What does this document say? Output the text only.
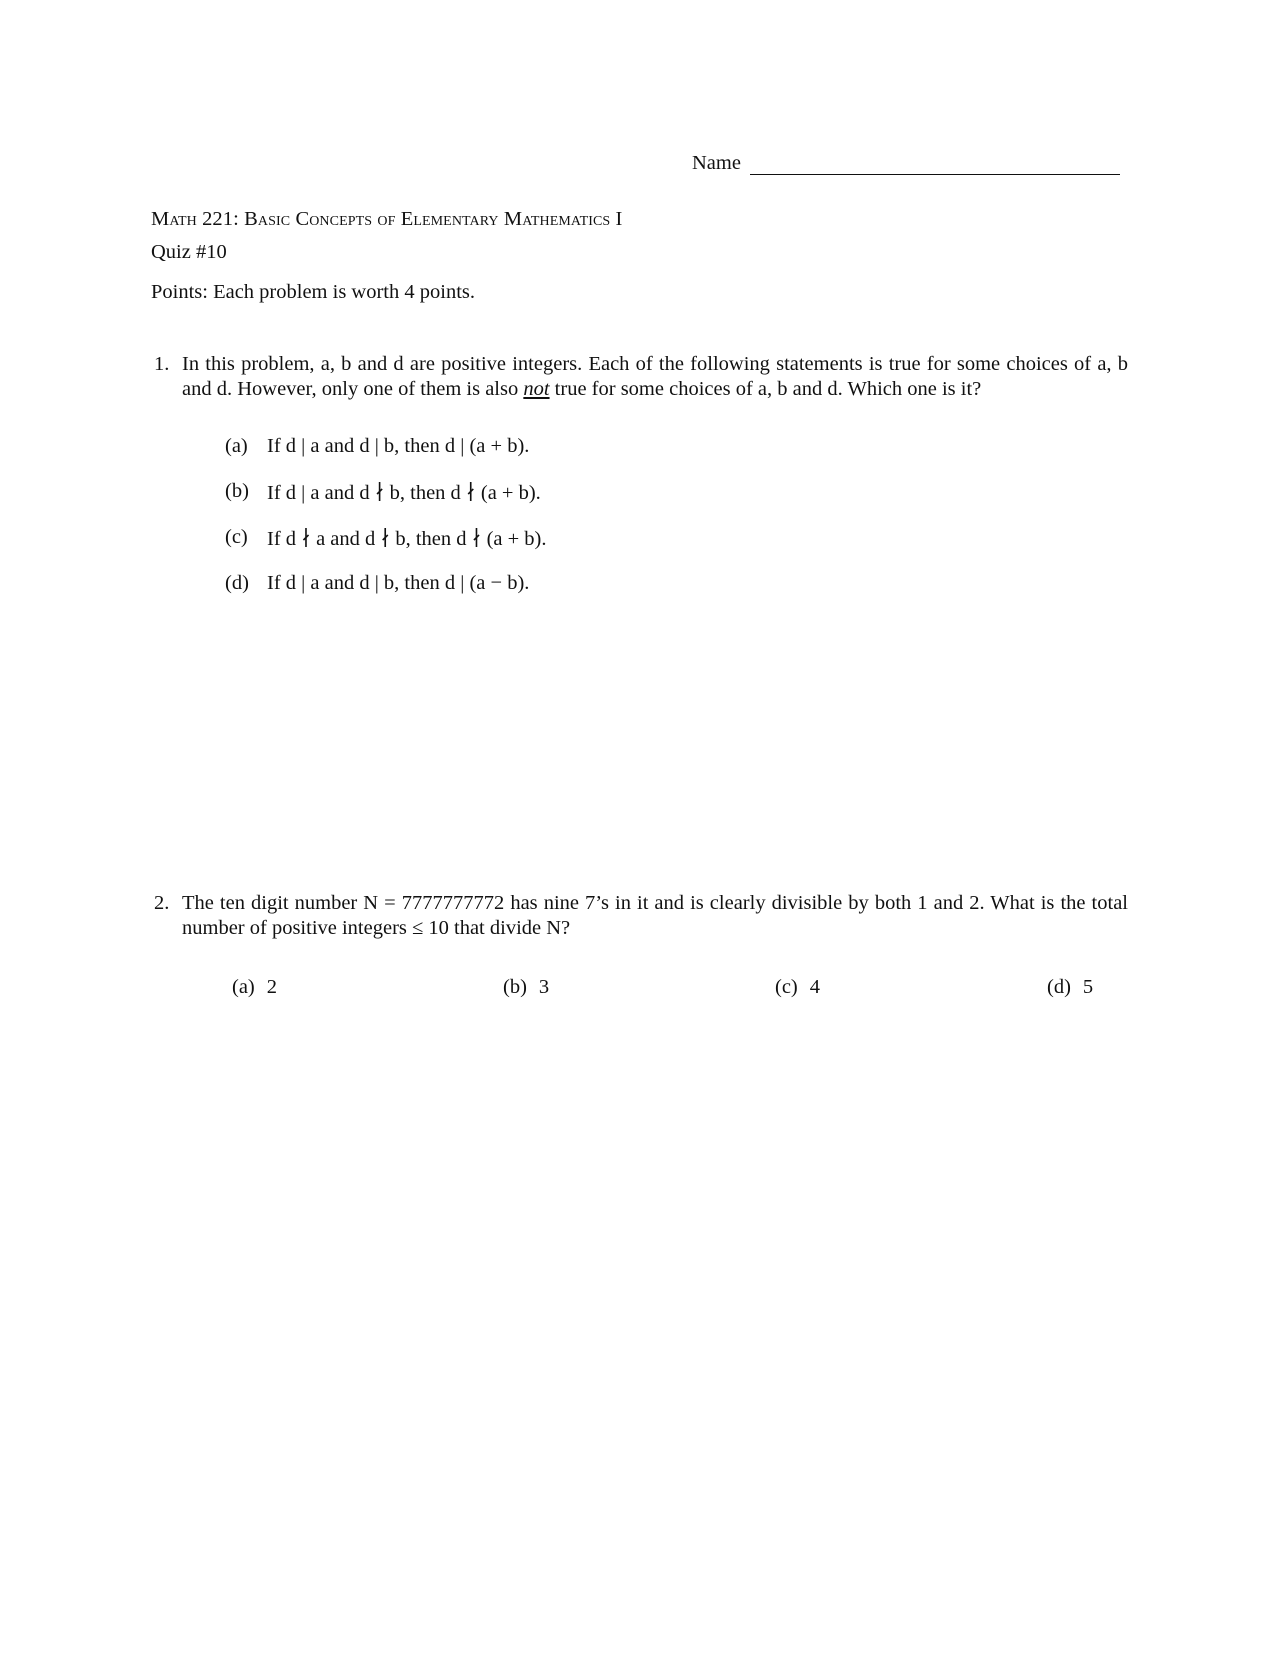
Name
Math 221: Basic Concepts of Elementary Mathematics I
Quiz #10
Points: Each problem is worth 4 points.
1. In this problem, a, b and d are positive integers. Each of the following statements is true for some choices of a, b and d. However, only one of them is also not true for some choices of a, b and d. Which one is it?
(a) If d | a and d | b, then d | (a + b).
(b) If d | a and d ∤ b, then d ∤ (a + b).
(c) If d ∤ a and d ∤ b, then d ∤ (a + b).
(d) If d | a and d | b, then d | (a − b).
2. The ten digit number N = 7777777772 has nine 7’s in it and is clearly divisible by both 1 and 2. What is the total number of positive integers ≤ 10 that divide N?
(a) 2	(b) 3	(c) 4	(d) 5
